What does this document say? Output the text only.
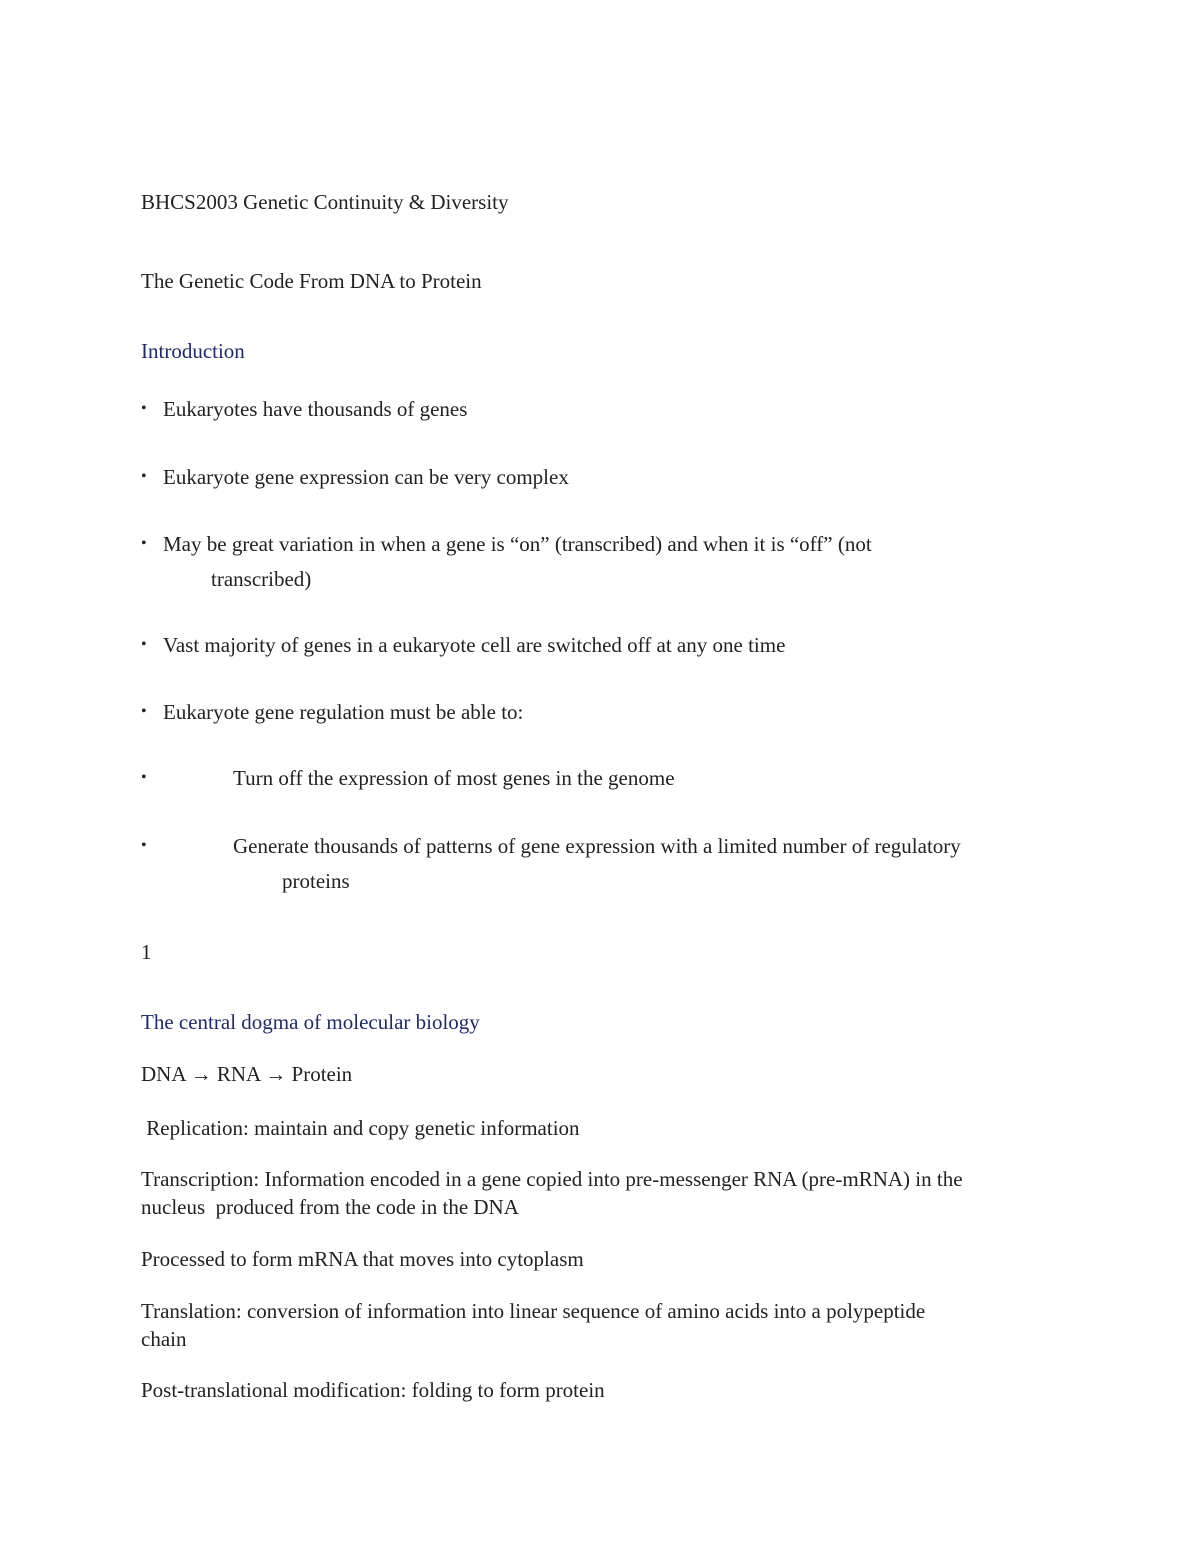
BHCS2003 Genetic Continuity & Diversity
The Genetic Code From DNA to Protein
Introduction
• Eukaryotes have thousands of genes
• Eukaryote gene expression can be very complex
• May be great variation in when a gene is “on” (transcribed) and when it is “off” (not
transcribed)
• Vast majority of genes in a eukaryote cell are switched off at any one time
• Eukaryote gene regulation must be able to:
•	Turn off the expression of most genes in the genome
•	Generate thousands of patterns of gene expression with a limited number of regulatory
proteins
1
The central dogma of molecular biology
DNA → RNA → Protein
Replication: maintain and copy genetic information
Transcription: Information encoded in a gene copied into pre-messenger RNA (pre-mRNA) in the
nucleus  produced from the code in the DNA
Processed to form mRNA that moves into cytoplasm
Translation: conversion of information into linear sequence of amino acids into a polypeptide
chain
Post-translational modification: folding to form protein
